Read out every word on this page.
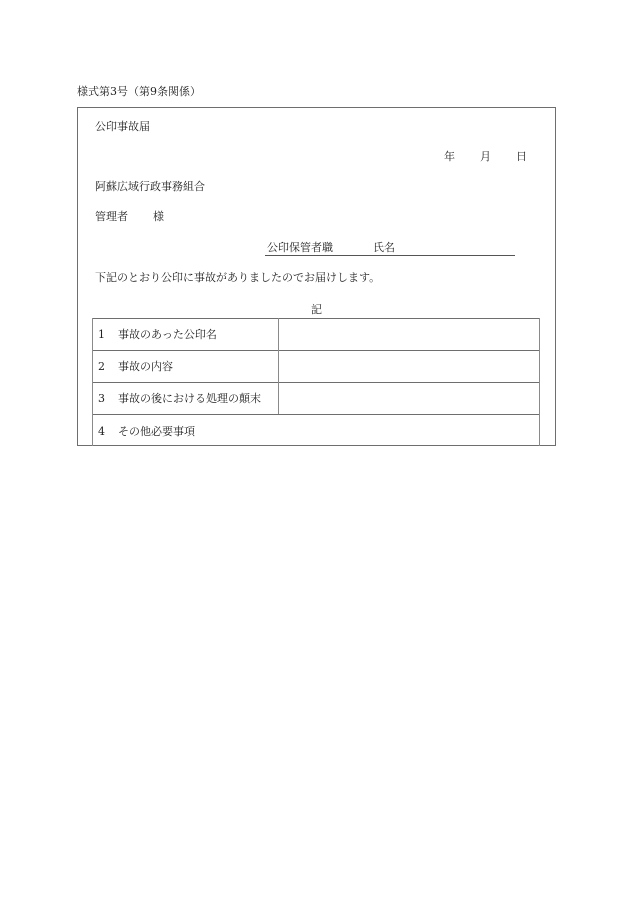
様式第3号（第9条関係）
公印事故届
年 月 日
阿蘇広域行政事務組合
管理者 様
公印保管者職	氏名
下記のとおり公印に事故がありましたのでお届けします。
記
1 事故のあった公印名
2 事故の内容
3 事故の後における処理の顛末
4 その他必要事項
